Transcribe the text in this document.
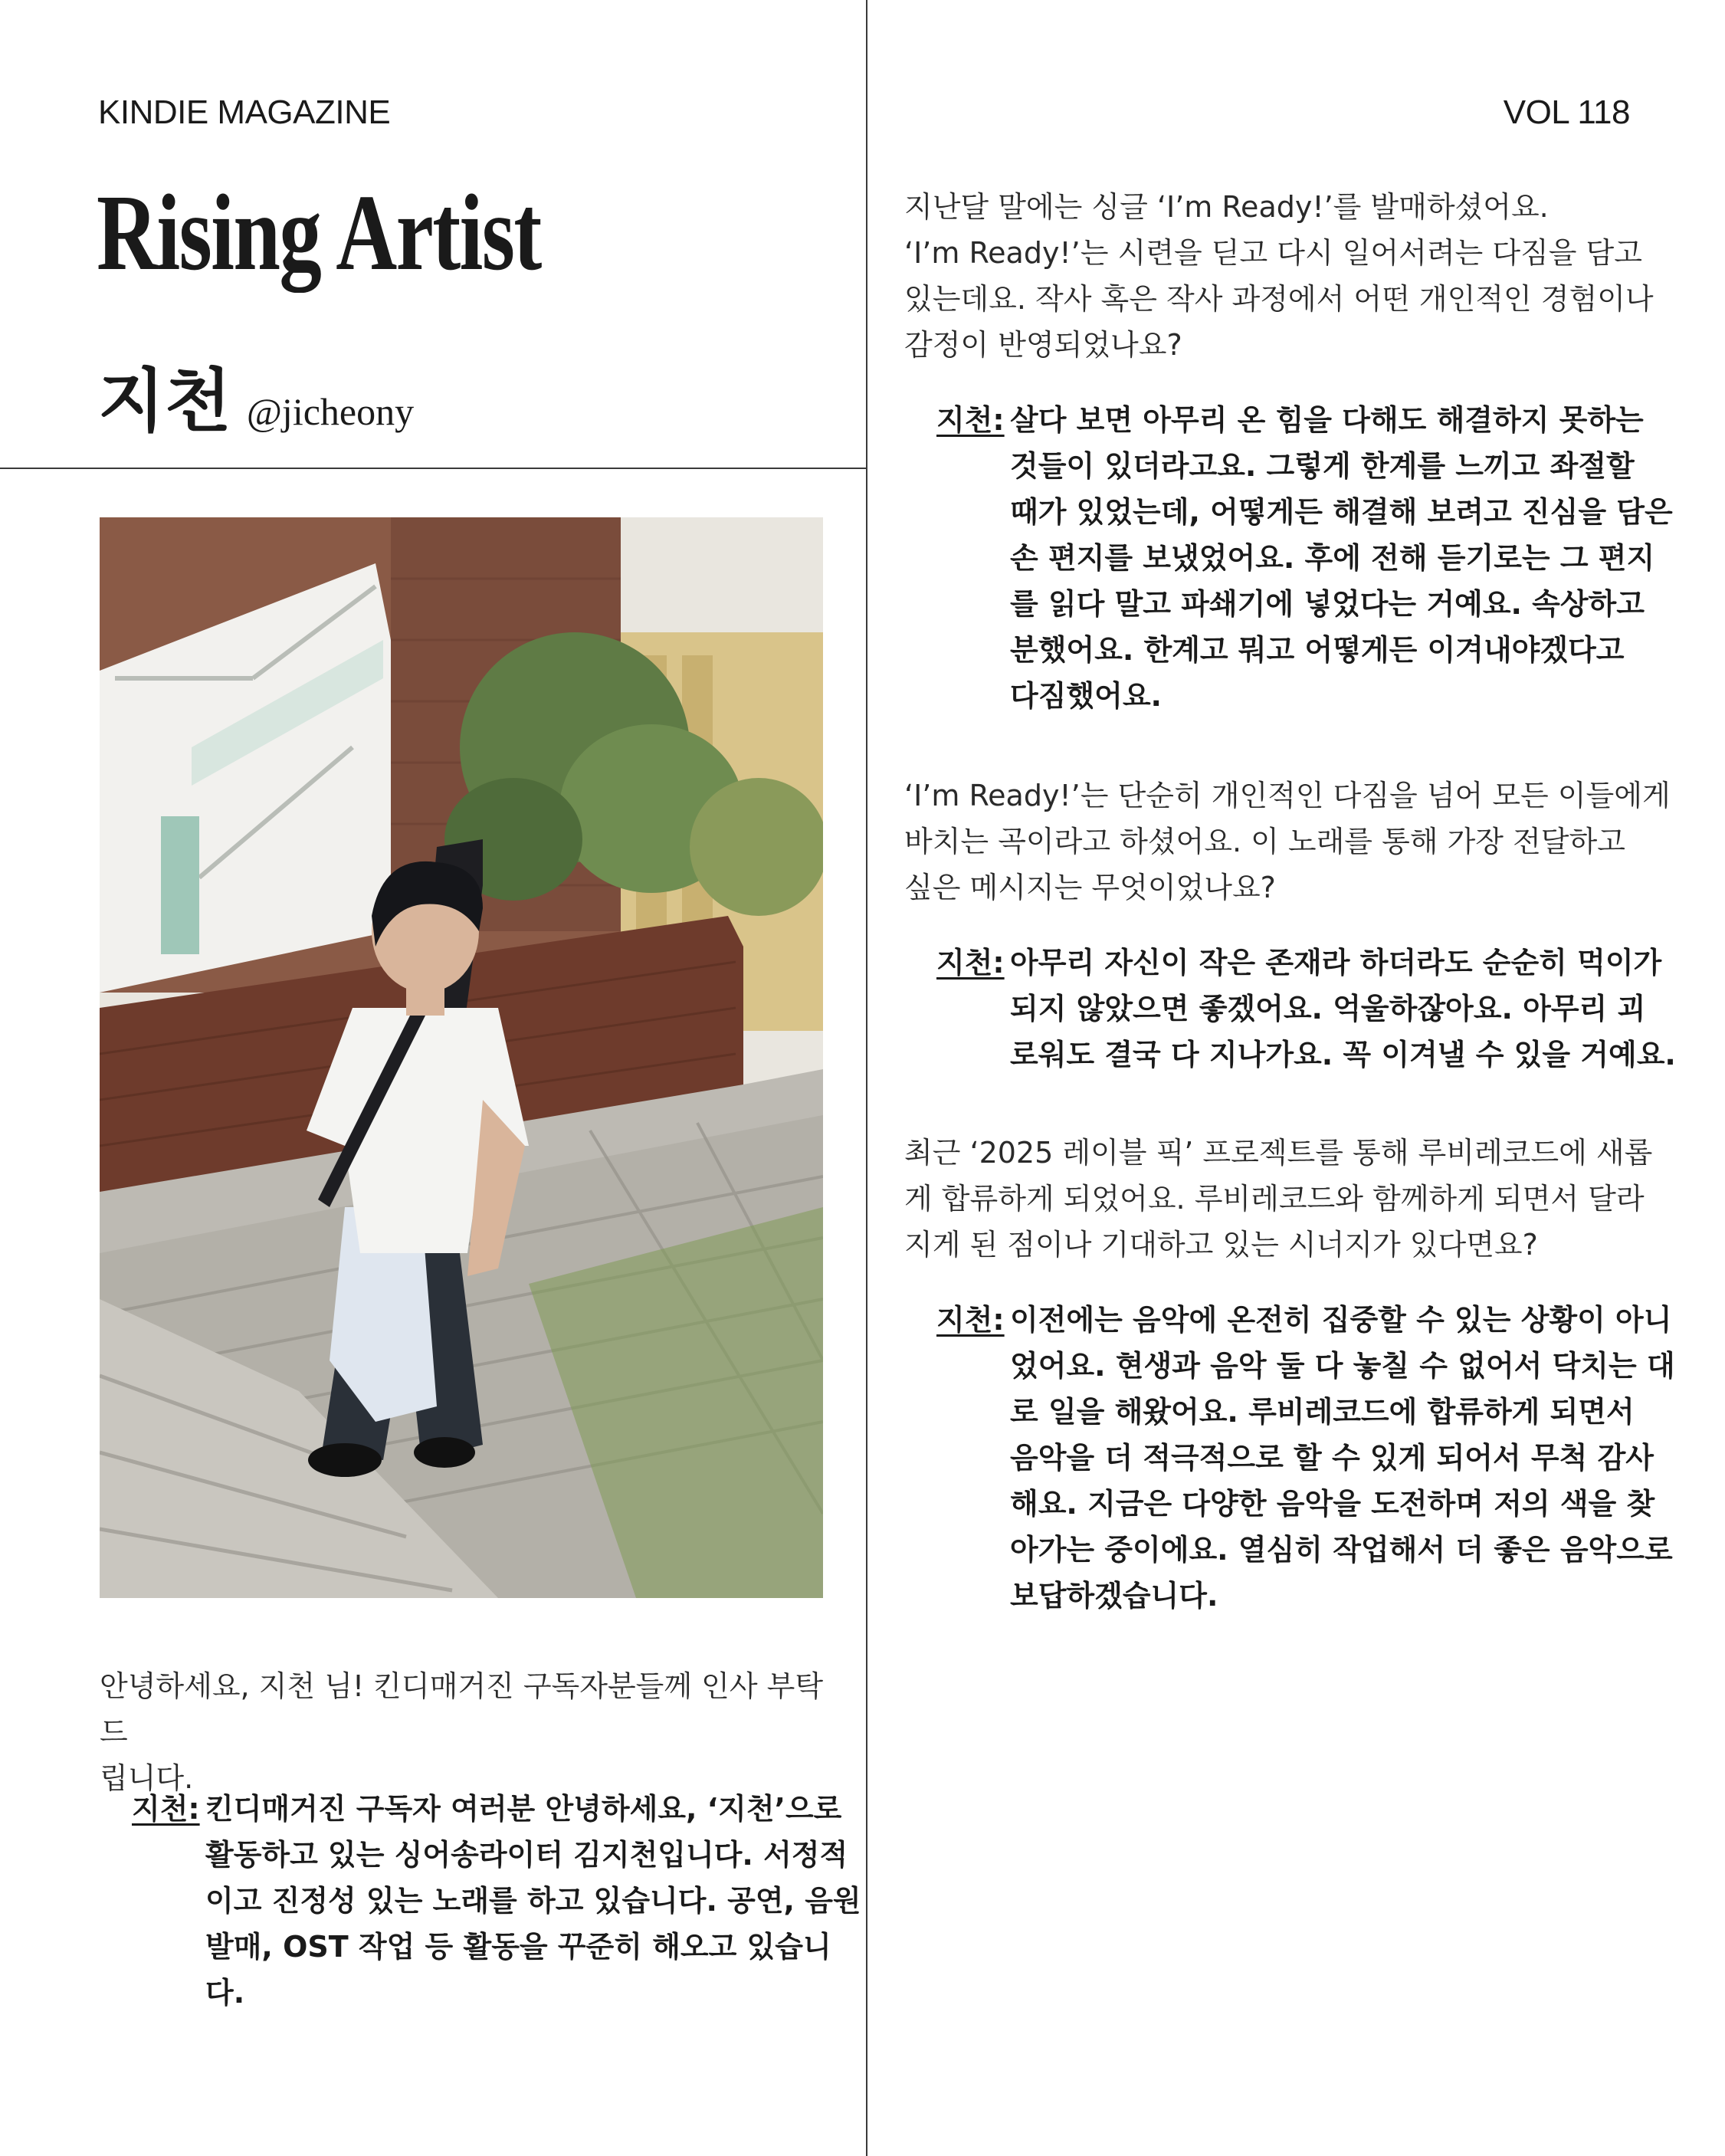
KINDIE MAGAZINE	VOL 118
Rising Artist
지천 @jicheony
안녕하세요, 지천 님! 킨디매거진 구독자분들께 인사 부탁드
립니다.
지천: 킨디매거진 구독자 여러분 안녕하세요, ‘지천’으로
활동하고 있는 싱어송라이터 김지천입니다. 서정적
이고 진정성 있는 노래를 하고 있습니다. 공연, 음원
발매, OST 작업 등 활동을 꾸준히 해오고 있습니다.
지난달 말에는 싱글 ‘I’m Ready!’를 발매하셨어요.
‘I’m Ready!’는 시련을 딛고 다시 일어서려는 다짐을 담고
있는데요. 작사 혹은 작사 과정에서 어떤 개인적인 경험이나
감정이 반영되었나요?
지천: 살다 보면 아무리 온 힘을 다해도 해결하지 못하는
것들이 있더라고요. 그렇게 한계를 느끼고 좌절할
때가 있었는데, 어떻게든 해결해 보려고 진심을 담은
손 편지를 보냈었어요. 후에 전해 듣기로는 그 편지
를 읽다 말고 파쇄기에 넣었다는 거예요. 속상하고
분했어요. 한계고 뭐고 어떻게든 이겨내야겠다고
다짐했어요.
‘I’m Ready!’는 단순히 개인적인 다짐을 넘어 모든 이들에게
바치는 곡이라고 하셨어요. 이 노래를 통해 가장 전달하고
싶은 메시지는 무엇이었나요?
지천: 아무리 자신이 작은 존재라 하더라도 순순히 먹이가
되지 않았으면 좋겠어요. 억울하잖아요. 아무리 괴
로워도 결국 다 지나가요. 꼭 이겨낼 수 있을 거예요.
최근 ‘2025 레이블 픽’ 프로젝트를 통해 루비레코드에 새롭
게 합류하게 되었어요. 루비레코드와 함께하게 되면서 달라
지게 된 점이나 기대하고 있는 시너지가 있다면요?
지천: 이전에는 음악에 온전히 집중할 수 있는 상황이 아니
었어요. 현생과 음악 둘 다 놓칠 수 없어서 닥치는 대
로 일을 해왔어요. 루비레코드에 합류하게 되면서
음악을 더 적극적으로 할 수 있게 되어서 무척 감사
해요. 지금은 다양한 음악을 도전하며 저의 색을 찾
아가는 중이에요. 열심히 작업해서 더 좋은 음악으로
보답하겠습니다.
